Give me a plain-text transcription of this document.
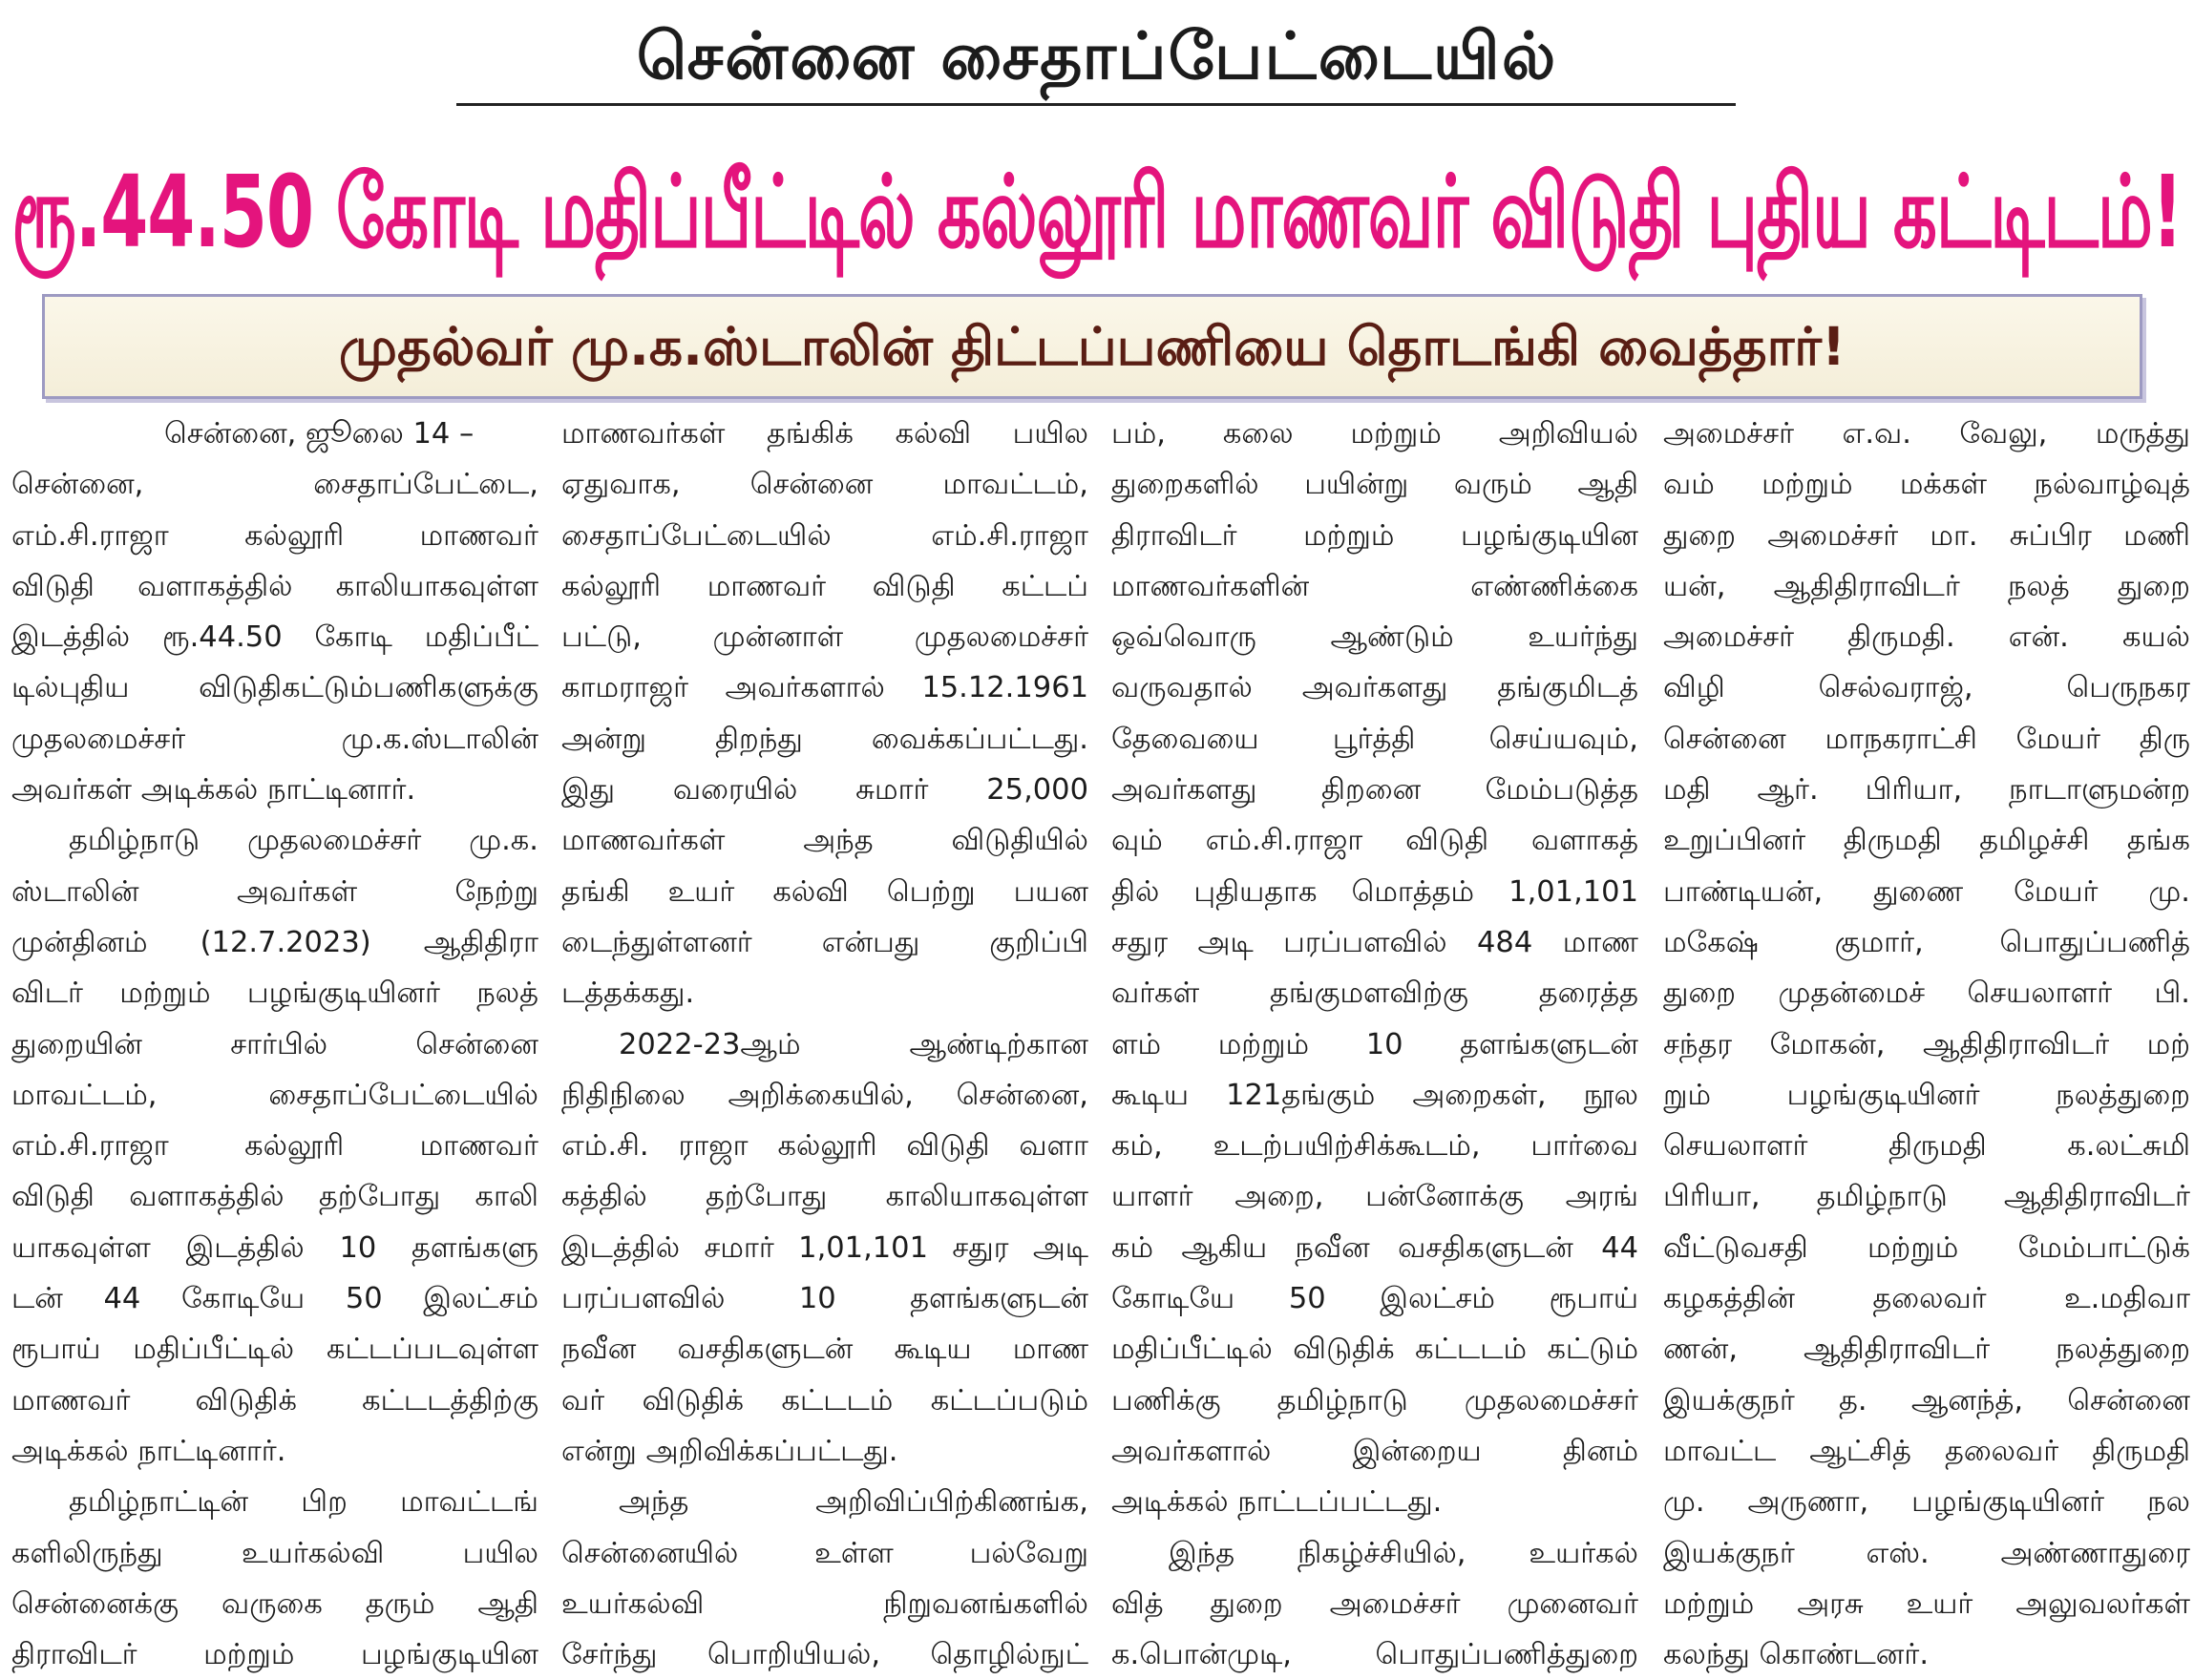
சென்னை சைதாப்பேட்டையில்
ரூ.44.50 கோடி மதிப்பீட்டில் கல்லூரி மாணவர் விடுதி புதிய கட்டிடம்!
முதல்வர் மு.க.ஸ்டாலின் திட்டப்பணியை தொடங்கி வைத்தார்!
சென்னை, ஜூலை 14 –
சென்னை, சைதாப்பேட்டை,
எம்.சி.ராஜா கல்லூரி மாணவர்
விடுதி வளாகத்தில் காலியாகவுள்ள
இடத்தில் ரூ.44.50 கோடி மதிப்பீட்
டில்புதிய விடுதிகட்டும்பணிகளுக்கு
முதலமைச்சர் மு.க.ஸ்டாலின்
அவர்கள் அடிக்கல் நாட்டினார்.
தமிழ்நாடு முதலமைச்சர் மு.க.
ஸ்டாலின் அவர்கள் நேற்று
முன்தினம் (12.7.2023) ஆதிதிரா
விடர் மற்றும் பழங்குடியினர் நலத்
துறையின் சார்பில் சென்னை
மாவட்டம், சைதாப்பேட்டையில்
எம்.சி.ராஜா கல்லூரி மாணவர்
விடுதி வளாகத்தில் தற்போது காலி
யாகவுள்ள இடத்தில் 10 தளங்களு
டன் 44 கோடியே 50 இலட்சம்
ரூபாய் மதிப்பீட்டில் கட்டப்படவுள்ள
மாணவர் விடுதிக் கட்டடத்திற்கு
அடிக்கல் நாட்டினார்.
தமிழ்நாட்டின் பிற மாவட்டங்
களிலிருந்து உயர்கல்வி பயில
சென்னைக்கு வருகை தரும் ஆதி
திராவிடர் மற்றும் பழங்குடியின
மாணவர்கள் தங்கிக் கல்வி பயில
ஏதுவாக, சென்னை மாவட்டம்,
சைதாப்பேட்டையில் எம்.சி.ராஜா
கல்லூரி மாணவர் விடுதி கட்டப்
பட்டு, முன்னாள் முதலமைச்சர்
காமராஜர் அவர்களால் 15.12.1961
அன்று திறந்து வைக்கப்பட்டது.
இது வரையில் சுமார் 25,000
மாணவர்கள் அந்த விடுதியில்
தங்கி உயர் கல்வி பெற்று பயன
டைந்துள்ளனர் என்பது குறிப்பி
டத்தக்கது.
2022-23ஆம் ஆண்டிற்கான
நிதிநிலை அறிக்கையில், சென்னை,
எம்.சி. ராஜா கல்லூரி விடுதி வளா
கத்தில் தற்போது காலியாகவுள்ள
இடத்தில் சமார் 1,01,101 சதுர அடி
பரப்பளவில் 10 தளங்களுடன்
நவீன வசதிகளுடன் கூடிய மாண
வர் விடுதிக் கட்டடம் கட்டப்படும்
என்று அறிவிக்கப்பட்டது.
அந்த அறிவிப்பிற்கிணங்க,
சென்னையில் உள்ள பல்வேறு
உயர்கல்வி நிறுவனங்களில்
சேர்ந்து பொறியியல், தொழில்நுட்
பம், கலை மற்றும் அறிவியல்
துறைகளில் பயின்று வரும் ஆதி
திராவிடர் மற்றும் பழங்குடியின
மாணவர்களின் எண்ணிக்கை
ஒவ்வொரு ஆண்டும் உயர்ந்து
வருவதால் அவர்களது தங்குமிடத்
தேவையை பூர்த்தி செய்யவும்,
அவர்களது திறனை மேம்படுத்த
வும் எம்.சி.ராஜா விடுதி வளாகத்
தில் புதியதாக மொத்தம் 1,01,101
சதுர அடி பரப்பளவில் 484 மாண
வர்கள் தங்குமளவிற்கு தரைத்த
ளம் மற்றும் 10 தளங்களுடன்
கூடிய 121தங்கும் அறைகள், நூல
கம், உடற்பயிற்சிக்கூடம், பார்வை
யாளர் அறை, பன்னோக்கு அரங்
கம் ஆகிய நவீன வசதிகளுடன் 44
கோடியே 50 இலட்சம் ரூபாய்
மதிப்பீட்டில் விடுதிக் கட்டடம் கட்டும்
பணிக்கு தமிழ்நாடு முதலமைச்சர்
அவர்களால் இன்றைய தினம்
அடிக்கல் நாட்டப்பட்டது.
இந்த நிகழ்ச்சியில், உயர்கல்
வித் துறை அமைச்சர் முனைவர்
க.பொன்முடி, பொதுப்பணித்துறை
அமைச்சர் எ.வ. வேலு, மருத்து
வம் மற்றும் மக்கள் நல்வாழ்வுத்
துறை அமைச்சர் மா. சுப்பிர மணி
யன், ஆதிதிராவிடர் நலத் துறை
அமைச்சர் திருமதி. என். கயல்
விழி செல்வராஜ், பெருநகர
சென்னை மாநகராட்சி மேயர் திரு
மதி ஆர். பிரியா, நாடாளுமன்ற
உறுப்பினர் திருமதி தமிழச்சி தங்க
பாண்டியன், துணை மேயர் மு.
மகேஷ் குமார், பொதுப்பணித்
துறை முதன்மைச் செயலாளர் பி.
சந்தர மோகன், ஆதிதிராவிடர் மற்
றும் பழங்குடியினர் நலத்துறை
செயலாளர் திருமதி க.லட்சுமி
பிரியா, தமிழ்நாடு ஆதிதிராவிடர்
வீட்டுவசதி மற்றும் மேம்பாட்டுக்
கழகத்தின் தலைவர் உ.மதிவா
ணன், ஆதிதிராவிடர் நலத்துறை
இயக்குநர் த. ஆனந்த், சென்னை
மாவட்ட ஆட்சித் தலைவர் திருமதி
மு. அருணா, பழங்குடியினர் நல
இயக்குநர் எஸ். அண்ணாதுரை
மற்றும் அரசு உயர் அலுவலர்கள்
கலந்து கொண்டனர்.
